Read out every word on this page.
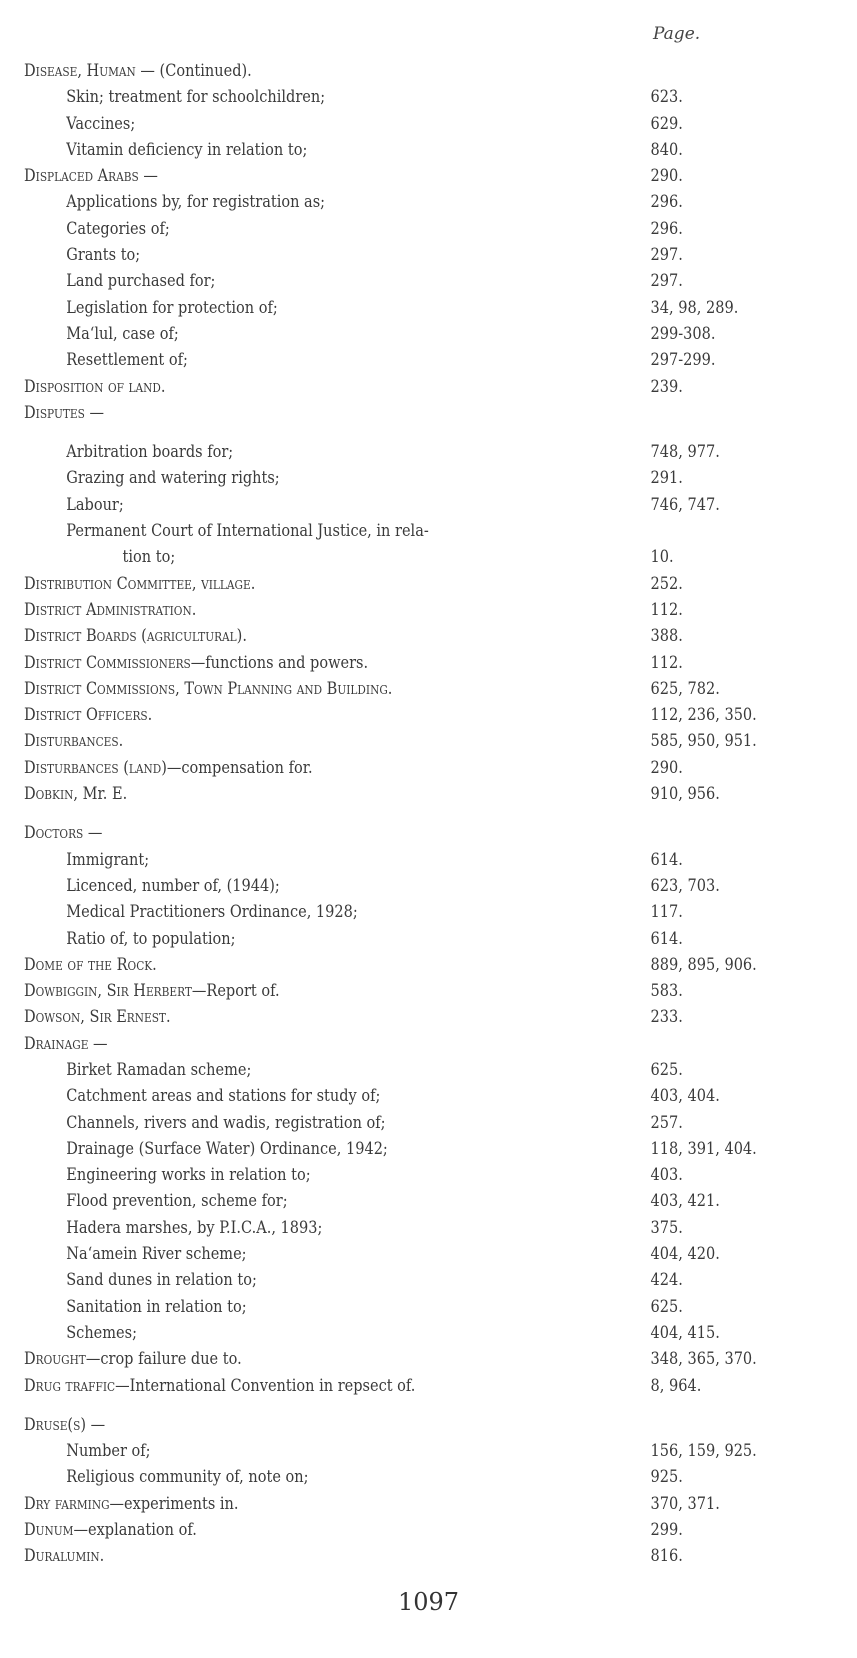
Page.
Disease, Human — (Continued).
Skin; treatment for schoolchildren;	623.
Vaccines;	629.
Vitamin deficiency in relation to;	840.
Displaced Arabs —	290.
Applications by, for registration as;	296.
Categories of;	296.
Grants to;	297.
Land purchased for;	297.
Legislation for protection of;	34, 98, 289.
Ma‘lul, case of;	299-308.
Resettlement of;	297-299.
Disposition of land.	239.
Disputes —
Arbitration boards for;	748, 977.
Grazing and watering rights;	291.
Labour;	746, 747.
Permanent Court of International Justice, in rela-
tion to;	10.
Distribution Committee, village.	252.
District Administration.	112.
District Boards (agricultural).	388.
District Commissioners—functions and powers.	112.
District Commissions, Town Planning and Building.	625, 782.
District Officers.	112, 236, 350.
Disturbances.	585, 950, 951.
Disturbances (land)—compensation for.	290.
Dobkin, Mr. E.	910, 956.
Doctors —
Immigrant;	614.
Licenced, number of, (1944);	623, 703.
Medical Practitioners Ordinance, 1928;	117.
Ratio of, to population;	614.
Dome of the Rock.	889, 895, 906.
Dowbiggin, Sir Herbert—Report of.	583.
Dowson, Sir Ernest.	233.
Drainage —
Birket Ramadan scheme;	625.
Catchment areas and stations for study of;	403, 404.
Channels, rivers and wadis, registration of;	257.
Drainage (Surface Water) Ordinance, 1942;	118, 391, 404.
Engineering works in relation to;	403.
Flood prevention, scheme for;	403, 421.
Hadera marshes, by P.I.C.A., 1893;	375.
Na‘amein River scheme;	404, 420.
Sand dunes in relation to;	424.
Sanitation in relation to;	625.
Schemes;	404, 415.
Drought—crop failure due to.	348, 365, 370.
Drug traffic—International Convention in repsect of.	8, 964.
Druse(s) —
Number of;	156, 159, 925.
Religious community of, note on;	925.
Dry farming—experiments in.	370, 371.
Dunum—explanation of.	299.
Duralumin.	816.
1097
